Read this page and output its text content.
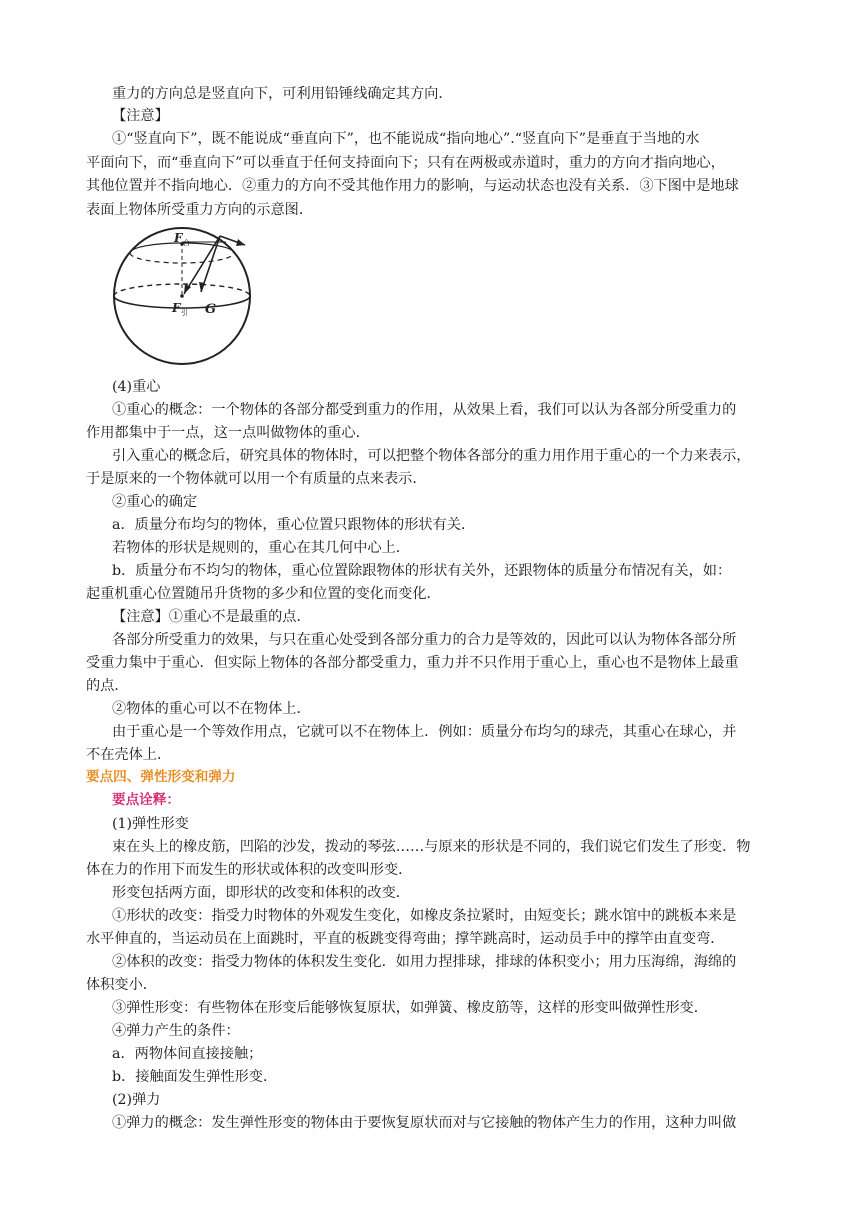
重力的方向总是竖直向下，可利用铅锤线确定其方向．
【注意】
①“竖直向下”，既不能说成“垂直向下”，也不能说成“指向地心”.“竖直向下”是垂直于当地的水
平面向下，而“垂直向下”可以垂直于任何支持面向下；只有在两极或赤道时，重力的方向才指向地心，
其他位置并不指向地心．②重力的方向不受其他作用力的影响，与运动状态也没有关系．③下图中是地球
表面上物体所受重力方向的示意图．
F 合
F 引 G
(4)重心
①重心的概念：一个物体的各部分都受到重力的作用，从效果上看，我们可以认为各部分所受重力的
作用都集中于一点，这一点叫做物体的重心．
引入重心的概念后，研究具体的物体时，可以把整个物体各部分的重力用作用于重心的一个力来表示，
于是原来的一个物体就可以用一个有质量的点来表示．
②重心的确定
a．质量分布均匀的物体，重心位置只跟物体的形状有关．
若物体的形状是规则的，重心在其几何中心上．
b．质量分布不均匀的物体，重心位置除跟物体的形状有关外，还跟物体的质量分布情况有关，如：
起重机重心位置随吊升货物的多少和位置的变化而变化．
【注意】①重心不是最重的点．
各部分所受重力的效果，与只在重心处受到各部分重力的合力是等效的，因此可以认为物体各部分所
受重力集中于重心．但实际上物体的各部分都受重力，重力并不只作用于重心上，重心也不是物体上最重
的点．
②物体的重心可以不在物体上．
由于重心是一个等效作用点，它就可以不在物体上．例如：质量分布均匀的球壳，其重心在球心，并
不在壳体上．
要点四、弹性形变和弹力
要点诠释：
(1)弹性形变
束在头上的橡皮筋，凹陷的沙发，拨动的琴弦……与原来的形状是不同的，我们说它们发生了形变．物
体在力的作用下而发生的形状或体积的改变叫形变．
形变包括两方面，即形状的改变和体积的改变．
①形状的改变：指受力时物体的外观发生变化，如橡皮条拉紧时，由短变长；跳水馆中的跳板本来是
水平伸直的，当运动员在上面跳时，平直的板跳变得弯曲；撑竿跳高时，运动员手中的撑竿由直变弯．
②体积的改变：指受力物体的体积发生变化．如用力捏排球，排球的体积变小；用力压海绵，海绵的
体积变小．
③弹性形变：有些物体在形变后能够恢复原状，如弹簧、橡皮筋等，这样的形变叫做弹性形变．
④弹力产生的条件：
a．两物体间直接接触；
b．接触面发生弹性形变．
(2)弹力
①弹力的概念：发生弹性形变的物体由于要恢复原状而对与它接触的物体产生力的作用，这种力叫做
